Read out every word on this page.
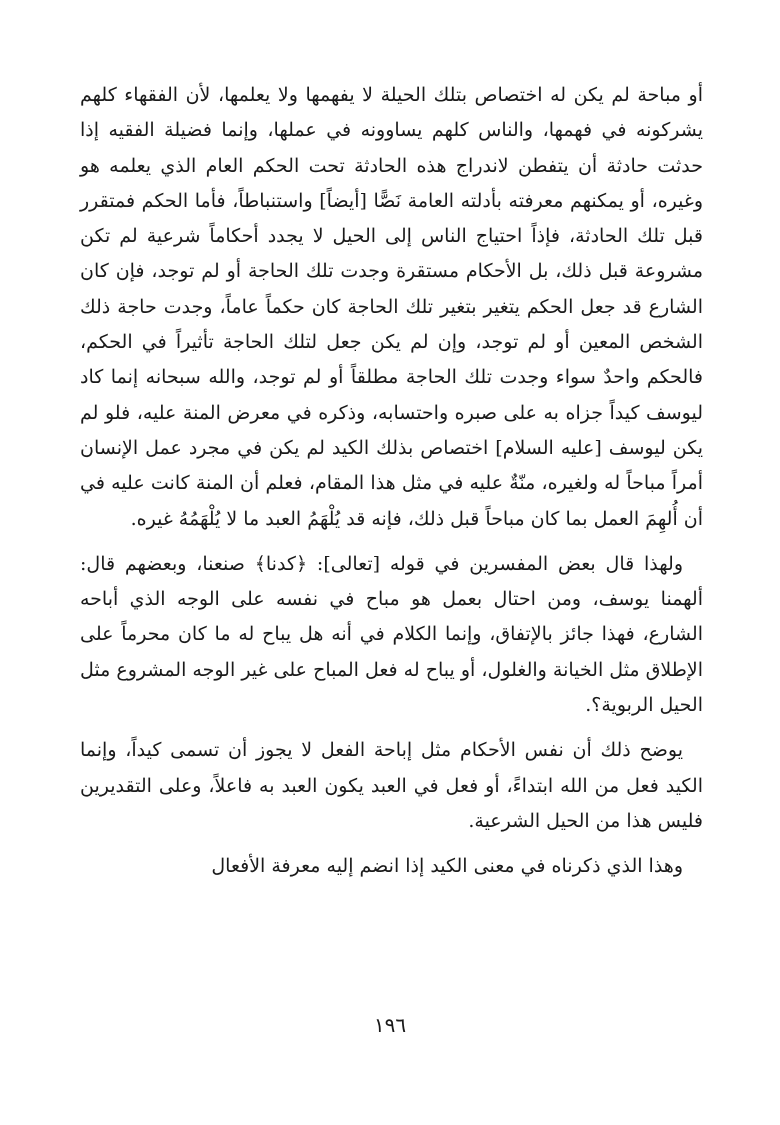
أو مباحة لم يكن له اختصاص بتلك الحيلة لا يفهمها ولا يعلمها، لأن الفقهاء كلهم يشركونه في فهمها، والناس كلهم يساوونه في عملها، وإنما فضيلة الفقيه إذا حدثت حادثة أن يتفطن لاندراج هذه الحادثة تحت الحكم العام الذي يعلمه هو وغيره، أو يمكنهم معرفته بأدلته العامة نَصًّا [أيضاً] واستنباطاً، فأما الحكم فمتقرر قبل تلك الحادثة، فإذاً احتياج الناس إلى الحيل لا يجدد أحكاماً شرعية لم تكن مشروعة قبل ذلك، بل الأحكام مستقرة وجدت تلك الحاجة أو لم توجد، فإن كان الشارع قد جعل الحكم يتغير بتغير تلك الحاجة كان حكماً عاماً، وجدت حاجة ذلك الشخص المعين أو لم توجد، وإن لم يكن جعل لتلك الحاجة تأثيراً في الحكم، فالحكم واحدٌ سواء وجدت تلك الحاجة مطلقاً أو لم توجد، والله سبحانه إنما كاد ليوسف كيداً جزاه به على صبره واحتسابه، وذكره في معرض المنة عليه، فلو لم يكن ليوسف [عليه السلام] اختصاص بذلك الكيد لم يكن في مجرد عمل الإنسان أمراً مباحاً له ولغيره، منّةٌ عليه في مثل هذا المقام، فعلم أن المنة كانت عليه في أن أُلهِمَ العمل بما كان مباحاً قبل ذلك، فإنه قد يُلْهَمُ العبد ما لا يُلْهَمُهُ غيره.

ولهذا قال بعض المفسرين في قوله [تعالى]: ﴿كدنا﴾ صنعنا، وبعضهم قال: ألهمنا يوسف، ومن احتال بعمل هو مباح في نفسه على الوجه الذي أباحه الشارع، فهذا جائز بالإتفاق، وإنما الكلام في أنه هل يباح له ما كان محرماً على الإطلاق مثل الخيانة والغلول، أو يباح له فعل المباح على غير الوجه المشروع مثل الحيل الربوية؟.

يوضح ذلك أن نفس الأحكام مثل إباحة الفعل لا يجوز أن تسمى كيداً، وإنما الكيد فعل من الله ابتداءً، أو فعل في العبد يكون العبد به فاعلاً، وعلى التقديرين فليس هذا من الحيل الشرعية.

وهذا الذي ذكرناه في معنى الكيد إذا انضم إليه معرفة الأفعال

١٩٦
